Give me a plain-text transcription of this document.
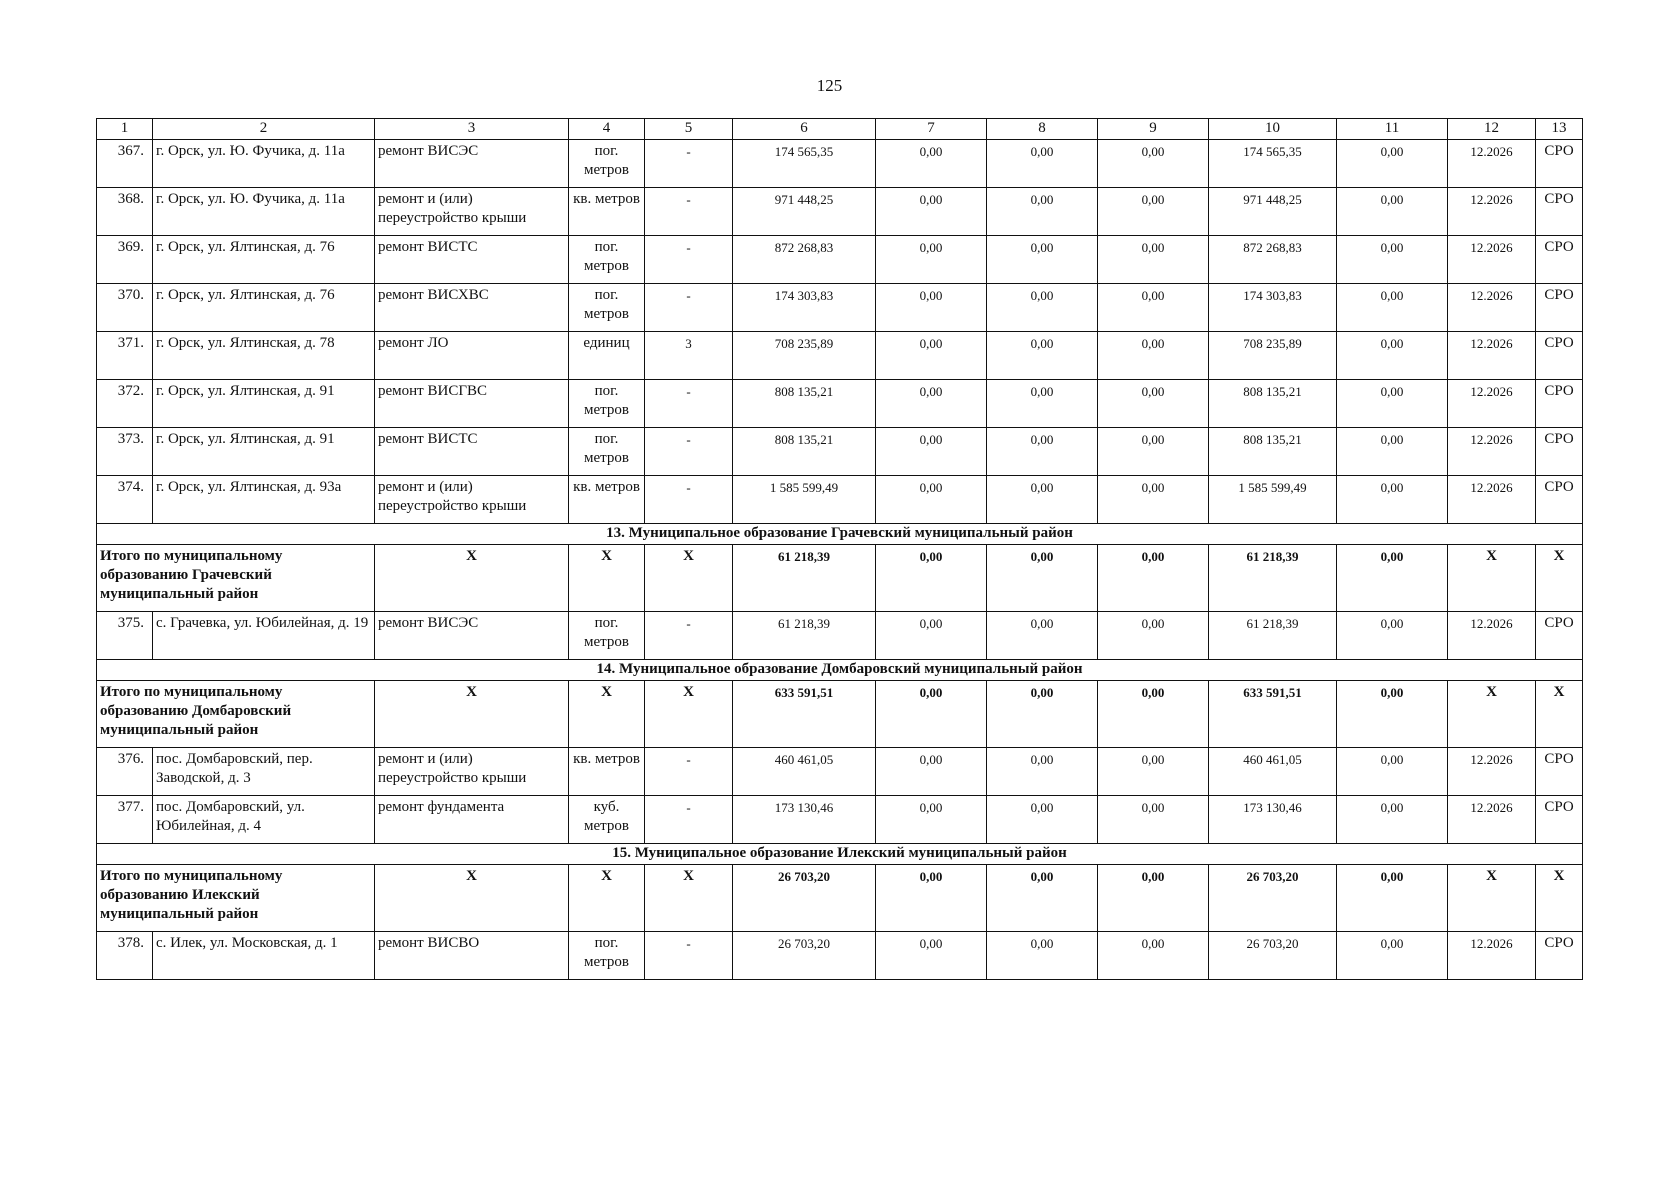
125
1	2	3	4	5	6	7	8	9	10	11	12	13
367.	г. Орск, ул. Ю. Фучика, д. 11а	ремонт ВИСЭС	пог. метров	-	174 565,35	0,00	0,00	0,00	174 565,35	0,00	12.2026	СРО
368.	г. Орск, ул. Ю. Фучика, д. 11а	ремонт и (или) переустройство крыши	кв. метров	-	971 448,25	0,00	0,00	0,00	971 448,25	0,00	12.2026	СРО
369.	г. Орск, ул. Ялтинская, д. 76	ремонт ВИСТС	пог. метров	-	872 268,83	0,00	0,00	0,00	872 268,83	0,00	12.2026	СРО
370.	г. Орск, ул. Ялтинская, д. 76	ремонт ВИСХВС	пог. метров	-	174 303,83	0,00	0,00	0,00	174 303,83	0,00	12.2026	СРО
371.	г. Орск, ул. Ялтинская, д. 78	ремонт ЛО	единиц	3	708 235,89	0,00	0,00	0,00	708 235,89	0,00	12.2026	СРО
372.	г. Орск, ул. Ялтинская, д. 91	ремонт ВИСГВС	пог. метров	-	808 135,21	0,00	0,00	0,00	808 135,21	0,00	12.2026	СРО
373.	г. Орск, ул. Ялтинская, д. 91	ремонт ВИСТС	пог. метров	-	808 135,21	0,00	0,00	0,00	808 135,21	0,00	12.2026	СРО
374.	г. Орск, ул. Ялтинская, д. 93а	ремонт и (или) переустройство крыши	кв. метров	-	1 585 599,49	0,00	0,00	0,00	1 585 599,49	0,00	12.2026	СРО
13. Муниципальное образование Грачевский муниципальный район												
Итого по муниципальному образованию Грачевский муниципальный район		X	X	X	61 218,39	0,00	0,00	0,00	61 218,39	0,00	X	X
375.	с. Грачевка, ул. Юбилейная, д. 19	ремонт ВИСЭС	пог. метров	-	61 218,39	0,00	0,00	0,00	61 218,39	0,00	12.2026	СРО
14. Муниципальное образование Домбаровский муниципальный район												
Итого по муниципальному образованию Домбаровский муниципальный район		X	X	X	633 591,51	0,00	0,00	0,00	633 591,51	0,00	X	X
376.	пос. Домбаровский, пер. Заводской, д. 3	ремонт и (или) переустройство крыши	кв. метров	-	460 461,05	0,00	0,00	0,00	460 461,05	0,00	12.2026	СРО
377.	пос. Домбаровский, ул. Юбилейная, д. 4	ремонт фундамента	куб. метров	-	173 130,46	0,00	0,00	0,00	173 130,46	0,00	12.2026	СРО
15. Муниципальное образование Илекский муниципальный район												
Итого по муниципальному образованию Илекский муниципальный район		X	X	X	26 703,20	0,00	0,00	0,00	26 703,20	0,00	X	X
378.	с. Илек, ул. Московская, д. 1	ремонт ВИСВО	пог. метров	-	26 703,20	0,00	0,00	0,00	26 703,20	0,00	12.2026	СРО
